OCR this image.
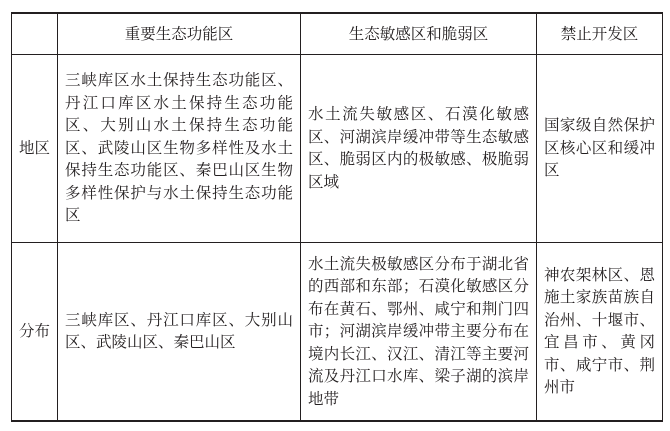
	重要生态功能区	生态敏感区和脆弱区	禁止开发区
地区	三峡库区水土保持生态功能区、丹江口库区水土保持生态功能区、大别山水土保持生态功能区、武陵山区生物多样性及水土保持生态功能区、秦巴山区生物多样性保护与水土保持生态功能区	水土流失敏感区、石漠化敏感区、河湖滨岸缓冲带等生态敏感区、脆弱区内的极敏感、极脆弱区域	国家级自然保护区核心区和缓冲区
分布	三峡库区、丹江口库区、大别山区、武陵山区、秦巴山区	水土流失极敏感区分布于湖北省的西部和东部；石漠化敏感区分布在黄石、鄂州、咸宁和荆门四市；河湖滨岸缓冲带主要分布在境内长江、汉江、清江等主要河流及丹江口水库、梁子湖的滨岸地带	神农架林区、恩施土家族苗族自治州、十堰市、宜昌市、黄冈市、咸宁市、荆州市
